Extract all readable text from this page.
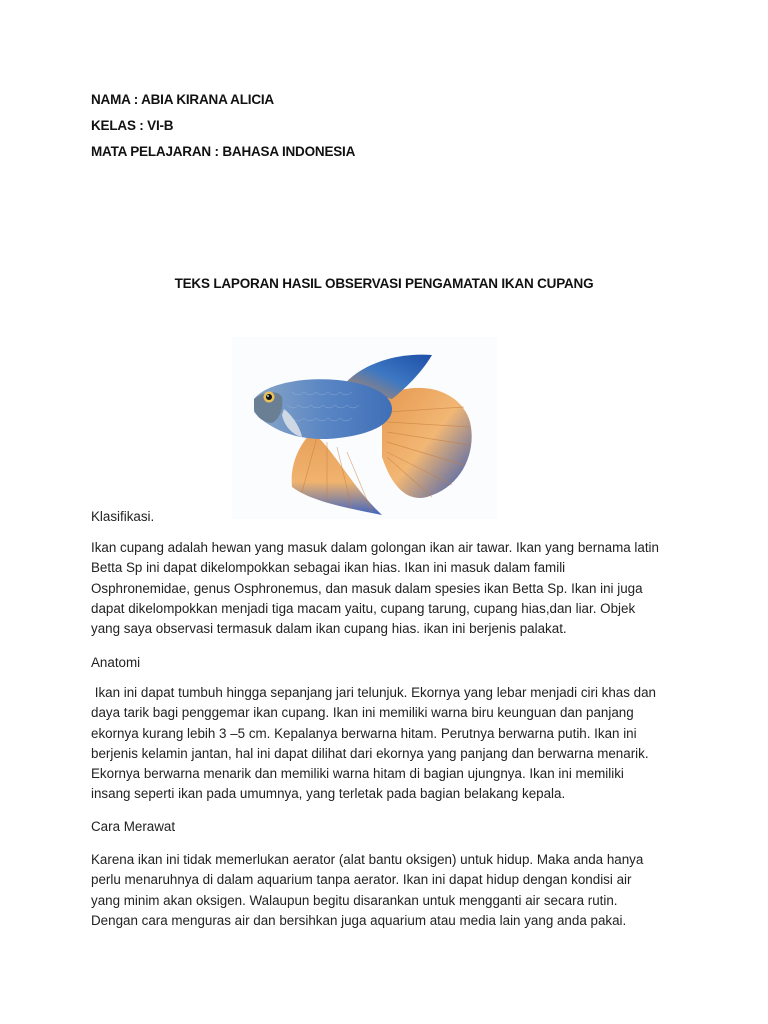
NAMA : ABIA KIRANA ALICIA
KELAS : VI-B
MATA PELAJARAN : BAHASA INDONESIA
TEKS LAPORAN HASIL OBSERVASI PENGAMATAN IKAN CUPANG
Klasifikasi.

Ikan cupang adalah hewan yang masuk dalam golongan ikan air tawar. Ikan yang bernama latin
Betta Sp ini dapat dikelompokkan sebagai ikan hias. Ikan ini masuk dalam famili
Osphronemidae, genus Osphronemus, dan masuk dalam spesies ikan Betta Sp. Ikan ini juga
dapat dikelompokkan menjadi tiga macam yaitu, cupang tarung, cupang hias,dan liar. Objek
yang saya observasi termasuk dalam ikan cupang hias. ikan ini berjenis palakat.

Anatomi

Ikan ini dapat tumbuh hingga sepanjang jari telunjuk. Ekornya yang lebar menjadi ciri khas dan
daya tarik bagi penggemar ikan cupang. Ikan ini memiliki warna biru keunguan dan panjang
ekornya kurang lebih 3 –5 cm. Kepalanya berwarna hitam. Perutnya berwarna putih. Ikan ini
berjenis kelamin jantan, hal ini dapat dilihat dari ekornya yang panjang dan berwarna menarik.
Ekornya berwarna menarik dan memiliki warna hitam di bagian ujungnya. Ikan ini memiliki
insang seperti ikan pada umumnya, yang terletak pada bagian belakang kepala.

Cara Merawat

Karena ikan ini tidak memerlukan aerator (alat bantu oksigen) untuk hidup. Maka anda hanya
perlu menaruhnya di dalam aquarium tanpa aerator. Ikan ini dapat hidup dengan kondisi air
yang minim akan oksigen. Walaupun begitu disarankan untuk mengganti air secara rutin.
Dengan cara menguras air dan bersihkan juga aquarium atau media lain yang anda pakai.
